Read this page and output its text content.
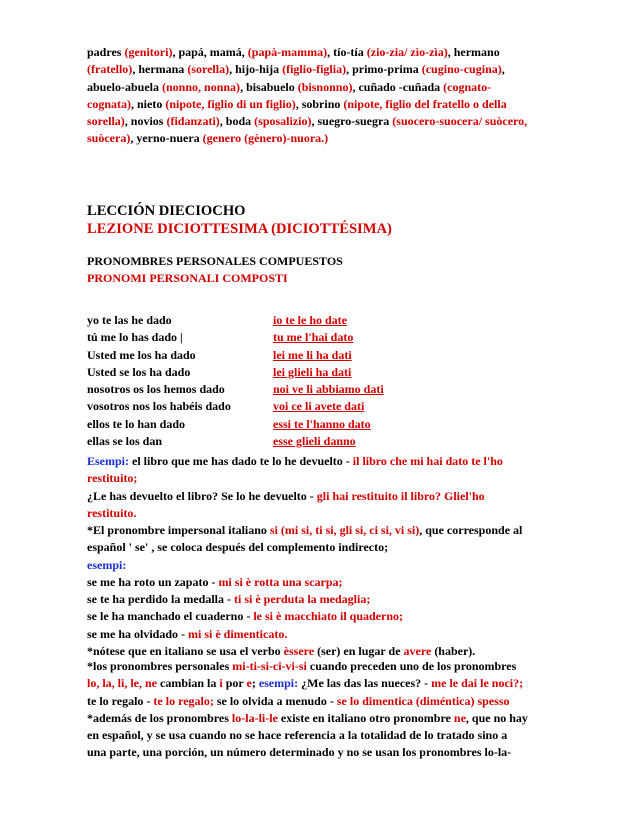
padres (genitori), papá, mamá, (papà-mamma), tío-tía (zio-zia/ zìo-zìa), hermano
(fratello), hermana (sorella), hijo-hija (figlio-figlia), primo-prima (cugino-cugina),
abuelo-abuela (nonno, nonna), bisabuelo (bisnonno), cuñado -cuñada (cognato-
cognata), nieto (nipote, figlio di un figlio), sobrino (nipote, figlio del fratello o della
sorella), novios (fidanzati), boda (sposalizio), suegro-suegra (suocero-suocera/ suòcero,
suòcera), yerno-nuera (genero (gènero)-nuora.)
LECCIÓN DIECIOCHO
LEZIONE DICIOTTESIMA (DICIOTTÉSIMA)
PRONOMBRES PERSONALES COMPUESTOS
PRONOMI PERSONALI COMPOSTI
yo te las he dado	io te le ho date
tú me lo has dado |	tu me l'hai dato
Usted me los ha dado	lei me li ha dati
Usted se los ha dado	lei glieli ha dati
nosotros os los hemos dado	noi ve li abbiamo dati
vosotros nos los habéis dado	voi ce li avete dati
ellos te lo han dado	essi te l'hanno dato
ellas se los dan	esse glieli danno
Esempi: el libro que me has dado te lo he devuelto - il libro che mi hai dato te l'ho
restituito;
¿Le has devuelto el libro? Se lo he devuelto - gli hai restituito il libro? Gliel'ho
restituito.
*El pronombre impersonal italiano si (mi si, ti si, gli si, ci si, vi si), que corresponde al
español ' se' , se coloca después del complemento indirecto;
esempi:
se me ha roto un zapato - mi si è rotta una scarpa;
se te ha perdido la medalla - ti si è perduta la medaglia;
se le ha manchado el cuaderno - le si è macchiato il quaderno;
se me ha olvidado - mi si è dimenticato.
*nótese que en italiano se usa el verbo èssere (ser) en lugar de avere (haber).
*los pronombres personales mi-ti-si-ci-vi-si cuando preceden uno de los pronombres
lo, la, li, le, ne cambian la i por e; esempi: ¿Me las das las nueces? - me le dai le noci?;
te lo regalo - te lo regalo; se lo olvida a menudo - se lo dimentica (diméntica) spesso
*además de los pronombres lo-la-li-le existe en italiano otro pronombre ne, que no hay
en español, y se usa cuando no se hace referencia a la totalidad de lo tratado sino a
una parte, una porción, un número determinado y no se usan los pronombres lo-la-
